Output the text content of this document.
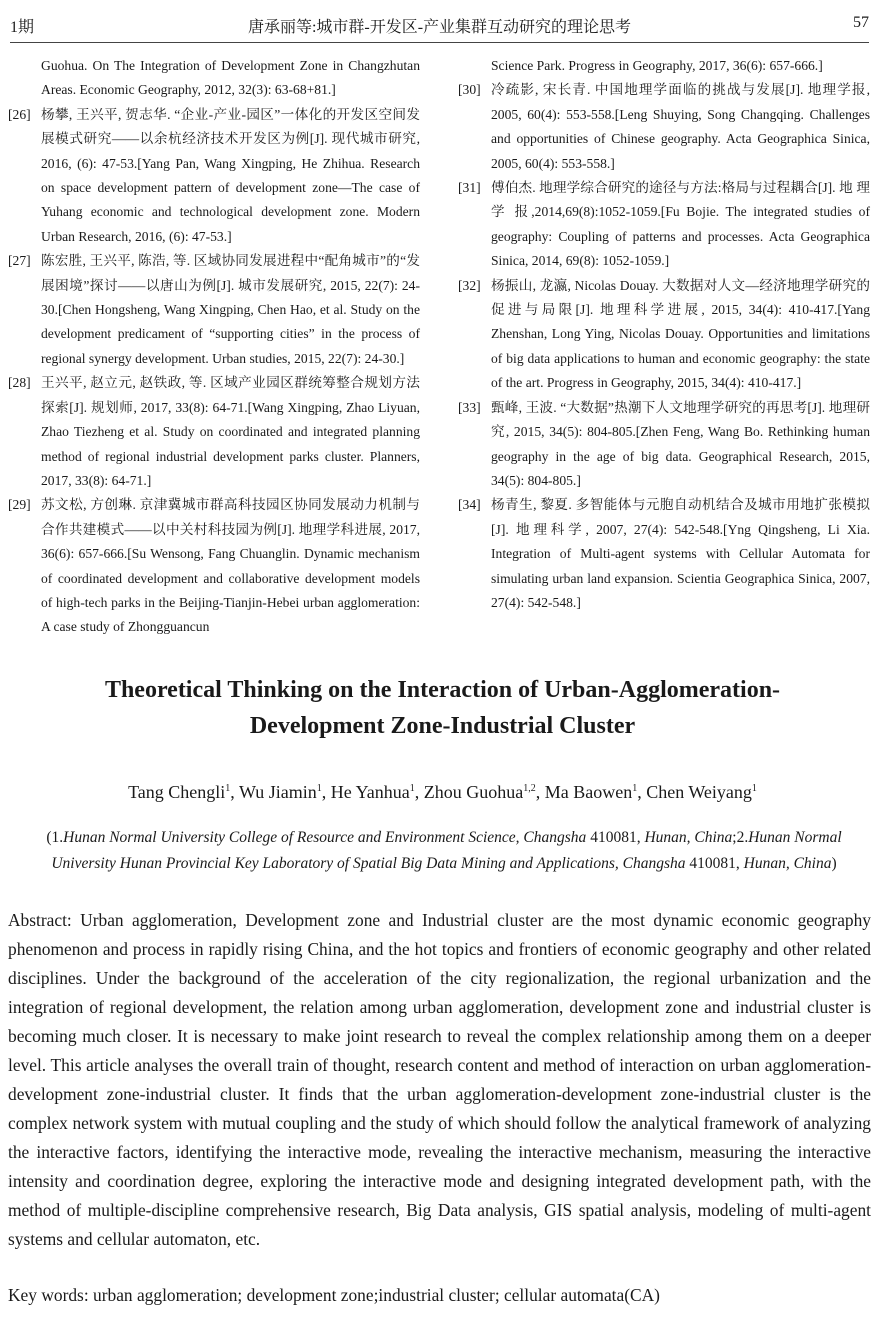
1期	唐承丽等:城市群-开发区-产业集群互动研究的理论思考	57
Guohua. On The Integration of Development Zone in Changzhutan Areas. Economic Geography, 2012, 32(3): 63-68+81.]
[26] 杨攀, 王兴平, 贺志华. “企业-产业-园区”一体化的开发区空间发展模式研究——以余杭经济技术开发区为例[J]. 现代城市研究, 2016, (6): 47-53.[Yang Pan, Wang Xingping, He Zhihua. Research on space development pattern of development zone—The case of Yuhang economic and technological development zone. Modern Urban Research, 2016, (6): 47-53.]
[27] 陈宏胜, 王兴平, 陈浩, 等. 区域协同发展进程中“配角城市”的“发展困境”探讨——以唐山为例[J]. 城市发展研究, 2015, 22(7): 24-30.[Chen Hongsheng, Wang Xingping, Chen Hao, et al. Study on the development predicament of “supporting cities” in the process of regional synergy development. Urban studies, 2015, 22(7): 24-30.]
[28] 王兴平, 赵立元, 赵铁政, 等. 区域产业园区群统筹整合规划方法探索[J]. 规划师, 2017, 33(8): 64-71.[Wang Xingping, Zhao Liyuan, Zhao Tiezheng et al. Study on coordinated and integrated planning method of regional industrial development parks cluster. Planners, 2017, 33(8): 64-71.]
[29] 苏文松, 方创琳. 京津冀城市群高科技园区协同发展动力机制与合作共建模式——以中关村科技园为例[J]. 地理学科进展, 2017, 36(6): 657-666.[Su Wensong, Fang Chuanglin. Dynamic mechanism of coordinated development and collaborative development models of high-tech parks in the Beijing-Tianjin-Hebei urban agglomeration: A case study of Zhongguancun
Science Park. Progress in Geography, 2017, 36(6): 657-666.]
[30] 冷疏影, 宋长青. 中国地理学面临的挑战与发展[J]. 地理学报, 2005, 60(4): 553-558.[Leng Shuying, Song Changqing. Challenges and opportunities of Chinese geography. Acta Geographica Sinica, 2005, 60(4): 553-558.]
[31] 傅伯杰. 地理学综合研究的途径与方法:格局与过程耦合[J]. 地 理 学 报,2014,69(8):1052-1059.[Fu Bojie. The integrated studies of geography: Coupling of patterns and processes. Acta Geographica Sinica, 2014, 69(8): 1052-1059.]
[32] 杨振山, 龙瀛, Nicolas Douay. 大数据对人文—经济地理学研究的促进与局限[J]. 地理科学进展, 2015, 34(4): 410-417.[Yang Zhenshan, Long Ying, Nicolas Douay. Opportunities and limitations of big data applications to human and economic geography: the state of the art. Progress in Geography, 2015, 34(4): 410-417.]
[33] 甄峰, 王波. “大数据”热潮下人文地理学研究的再思考[J]. 地理研究, 2015, 34(5): 804-805.[Zhen Feng, Wang Bo. Rethinking human geography in the age of big data. Geographical Research, 2015, 34(5): 804-805.]
[34] 杨青生, 黎夏. 多智能体与元胞自动机结合及城市用地扩张模拟[J]. 地理科学, 2007, 27(4): 542-548.[Yng Qingsheng, Li Xia. Integration of Multi-agent systems with Cellular Automata for simulating urban land expansion. Scientia Geographica Sinica, 2007, 27(4): 542-548.]
Theoretical Thinking on the Interaction of Urban-Agglomeration-
Development Zone-Industrial Cluster
Tang Chengli$^1$, Wu Jiamin$^1$, He Yanhua$^1$, Zhou Guohua$^{1,2}$, Ma Baowen$^1$, Chen Weiyang$^1$
(1.Hunan Normal University College of Resource and Environment Science, Changsha 410081, Hunan, China;2.Hunan Normal University Hunan Provincial Key Laboratory of Spatial Big Data Mining and Applications, Changsha 410081, Hunan, China)
Abstract: Urban agglomeration, Development zone and Industrial cluster are the most dynamic economic geography phenomenon and process in rapidly rising China, and the hot topics and frontiers of economic geography and other related disciplines. Under the background of the acceleration of the city regionalization, the regional urbanization and the integration of regional development, the relation among urban agglomeration, development zone and industrial cluster is becoming much closer. It is necessary to make joint research to reveal the complex relationship among them on a deeper level. This article analyses the overall train of thought, research content and method of interaction on urban agglomeration-development zone-industrial cluster. It finds that the urban agglomeration-development zone-industrial cluster is the complex network system with mutual coupling and the study of which should follow the analytical framework of analyzing the interactive factors, identifying the interactive mode, revealing the interactive mechanism, measuring the interactive intensity and coordination degree, exploring the interactive mode and designing integrated development path, with the method of multiple-discipline comprehensive research, Big Data analysis, GIS spatial analysis, modeling of multi-agent systems and cellular automaton, etc.
Key words: urban agglomeration; development zone;industrial cluster; cellular automata(CA)
